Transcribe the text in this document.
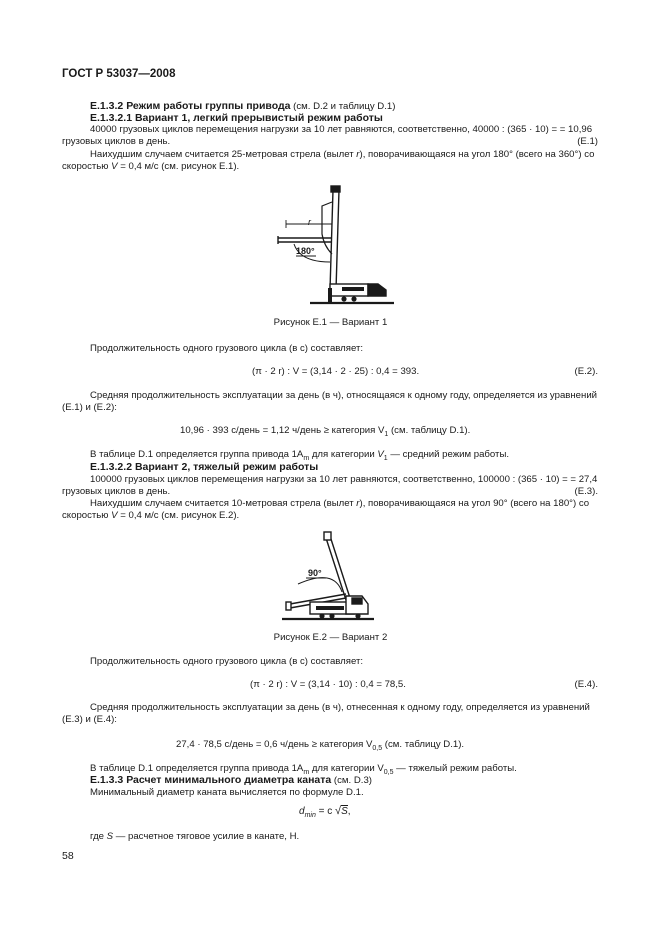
ГОСТ Р 53037—2008
Е.1.3.2 Режим работы группы привода (см. D.2 и таблицу D.1)
Е.1.3.2.1 Вариант 1, легкий прерывистый режим работы
40000 грузовых циклов перемещения нагрузки за 10 лет равняются, соответственно, 40000 : (365 · 10) = = 10,96 грузовых циклов в день.	(E.1)
Наихудшим случаем считается 25-метровая стрела (вылет r), поворачивающаяся на угол 180° (всего на 360°) со скоростью V = 0,4 м/с (см. рисунок Е.1).
r
180°
Рисунок Е.1 — Вариант 1
Продолжительность одного грузового цикла (в с) составляет:
(π · 2 r) : V = (3,14 · 2 · 25) : 0,4 = 393.	(E.2).
Средняя продолжительность эксплуатации за день (в ч), относящаяся к одному году, определяется из уравнений (Е.1) и (Е.2):
10,96 · 393 с/день = 1,12 ч/день ≥ категория $V_1$ (см. таблицу D.1).
В таблице D.1 определяется группа привода $1А_m$ для категории $V_1$ — средний режим работы.
Е.1.3.2.2 Вариант 2, тяжелый режим работы
100000 грузовых циклов перемещения нагрузки за 10 лет равняются, соответственно, 100000 : (365 · 10) = = 27,4 грузовых циклов в день.	(E.3).
Наихудшим случаем считается 10-метровая стрела (вылет r), поворачивающаяся на угол 90° (всего на 180°) со скоростью V = 0,4 м/с (см. рисунок Е.2).
90°
Рисунок Е.2 — Вариант 2
Продолжительность одного грузового цикла (в с) составляет:
(π · 2 r) : V = (3,14 · 10) : 0,4 = 78,5.	(E.4).
Средняя продолжительность эксплуатации за день (в ч), отнесенная к одному году, определяется из уравнений (Е.3) и (Е.4):
27,4 · 78,5 с/день = 0,6 ч/день ≥ категория $V_{0,5}$ (см. таблицу D.1).
В таблице D.1 определяется группа привода $1А_m$ для категории $V_{0,5}$ — тяжелый режим работы.
Е.1.3.3 Расчет минимального диаметра каната (см. D.3)
Минимальный диаметр каната вычисляется по формуле D.1.
$d_{min} = c$ √S,
где S — расчетное тяговое усилие в канате, Н.
58
